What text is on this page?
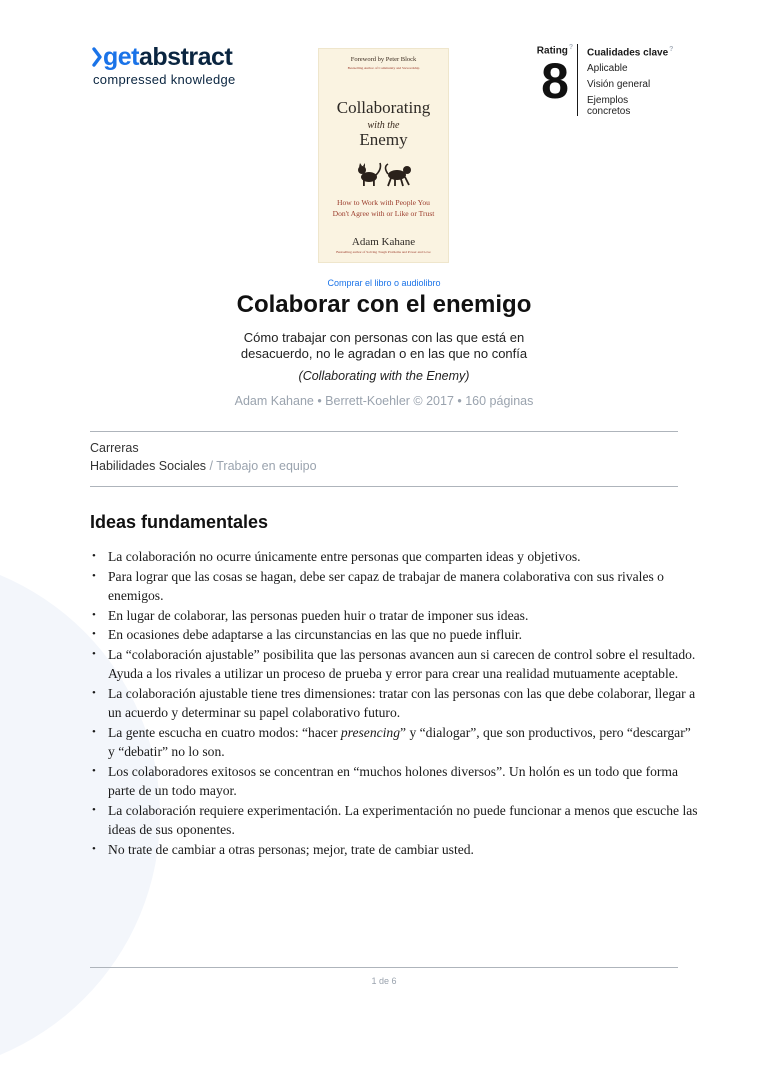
get abstract
compressed knowledge
Foreword by Peter Block
Bestselling Author of Community and Stewardship
Collaborating
with the
Enemy
How to Work with People You
Don't Agree with or Like or Trust
Adam Kahane
Bestselling author of Solving Tough Problems and Power and Love
Rating?
8
Cualidades clave?
Aplicable
Visión general
Ejemplos concretos
Comprar el libro o audiolibro
Colaborar con el enemigo
Cómo trabajar con personas con las que está en desacuerdo, no le agradan o en las que no confía
(Collaborating with the Enemy)
Adam Kahane • Berrett-Koehler © 2017 • 160 páginas
Carreras
Habilidades Sociales / Trabajo en equipo
Ideas fundamentales
• La colaboración no ocurre únicamente entre personas que comparten ideas y objetivos.
• Para lograr que las cosas se hagan, debe ser capaz de trabajar de manera colaborativa con sus rivales o enemigos.
• En lugar de colaborar, las personas pueden huir o tratar de imponer sus ideas.
• En ocasiones debe adaptarse a las circunstancias en las que no puede influir.
• La “colaboración ajustable” posibilita que las personas avancen aun si carecen de control sobre el resultado. Ayuda a los rivales a utilizar un proceso de prueba y error para crear una realidad mutuamente aceptable.
• La colaboración ajustable tiene tres dimensiones: tratar con las personas con las que debe colaborar, llegar a un acuerdo y determinar su papel colaborativo futuro.
• La gente escucha en cuatro modos: “hacer presencing” y “dialogar”, que son productivos, pero “descargar” y “debatir” no lo son.
• Los colaboradores exitosos se concentran en “muchos holones diversos”. Un holón es un todo que forma parte de un todo mayor.
• La colaboración requiere experimentación. La experimentación no puede funcionar a menos que escuche las ideas de sus oponentes.
• No trate de cambiar a otras personas; mejor, trate de cambiar usted.
1 de 6
